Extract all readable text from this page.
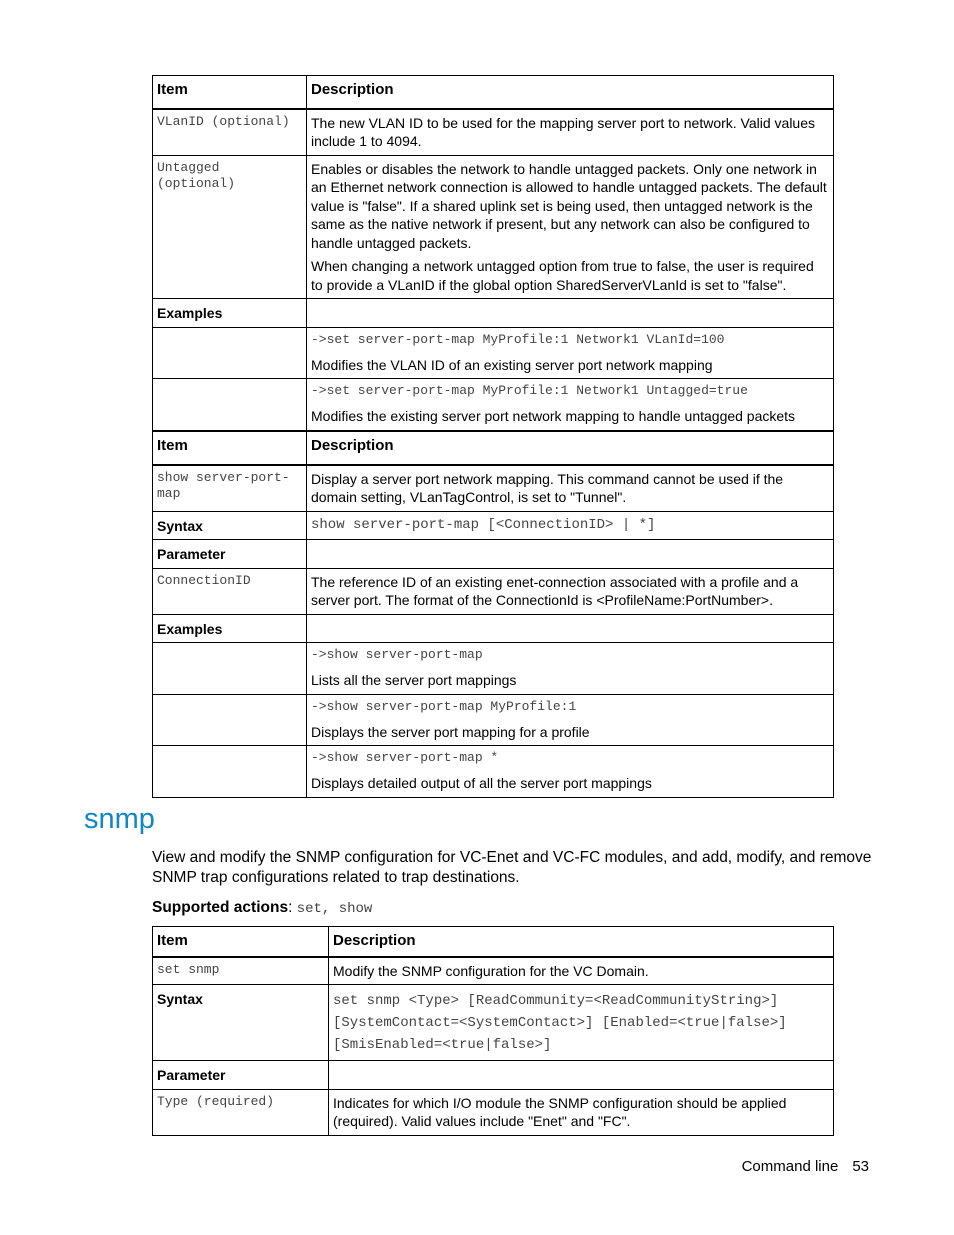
Item	Description
VLanID (optional)	The new VLAN ID to be used for the mapping server port to network. Valid values include 1 to 4094.

Untagged (optional)	Enables or disables the network to handle untagged packets. Only one network in an Ethernet network connection is allowed to handle untagged packets. The default value is "false". If a shared uplink set is being used, then untagged network is the same as the native network if present, but any network can also be configured to handle untagged packets.

When changing a network untagged option from true to false, the user is required to provide a VLanID if the global option SharedServerVLanId is set to "false".

Examples	

	->set server-port-map MyProfile:1 Network1 VLanId=100
Modifies the VLAN ID of an existing server port network mapping

	->set server-port-map MyProfile:1 Network1 Untagged=true
Modifies the existing server port network mapping to handle untagged packets
Item	Description
show server-port-map	Display a server port network mapping. This command cannot be used if the domain setting, VLanTagControl, is set to "Tunnel".
Syntax	show server-port-map [<ConnectionID> | *]
Parameter	
ConnectionID	The reference ID of an existing enet-connection associated with a profile and a server port. The format of the ConnectionId is <ProfileName:PortNumber>.
Examples	

	->show server-port-map
Lists all the server port mappings

	->show server-port-map MyProfile:1
Displays the server port mapping for a profile

	->show server-port-map *
Displays detailed output of all the server port mappings
snmp

View and modify the SNMP configuration for VC-Enet and VC-FC modules, and add, modify, and remove SNMP trap configurations related to trap destinations.

Supported actions: set, show

Item	Description
set snmp	Modify the SNMP configuration for the VC Domain.
Syntax	set snmp <Type> [ReadCommunity=<ReadCommunityString>]
[SystemContact=<SystemContact>] [Enabled=<true|false>]
[SmisEnabled=<true|false>]

Parameter	
Type (required)	Indicates for which I/O module the SNMP configuration should be applied (required). Valid values include "Enet" and "FC".
Command line 53
